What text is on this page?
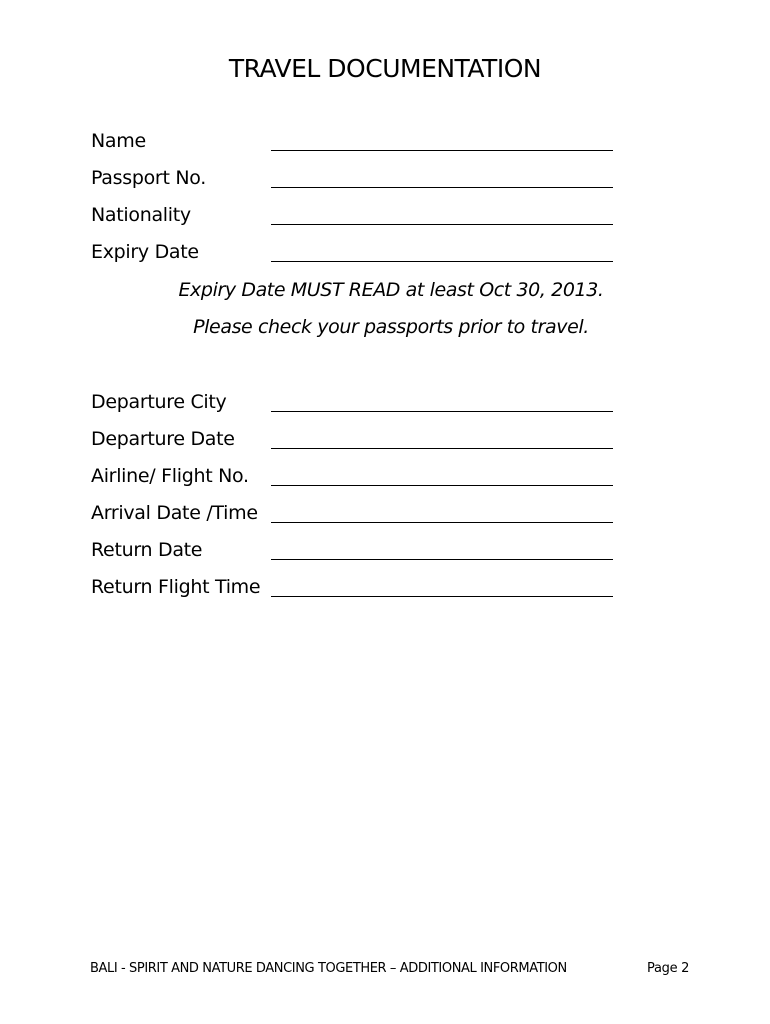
TRAVEL DOCUMENTATION
Name
Passport No.
Nationality
Expiry Date
Expiry Date MUST READ at least Oct 30, 2013.
Please check your passports prior to travel.
Departure City
Departure Date
Airline/ Flight No.
Arrival Date /Time
Return Date
Return Flight Time
BALI - SPIRIT AND NATURE DANCING TOGETHER – ADDITIONAL INFORMATION	Page 2
